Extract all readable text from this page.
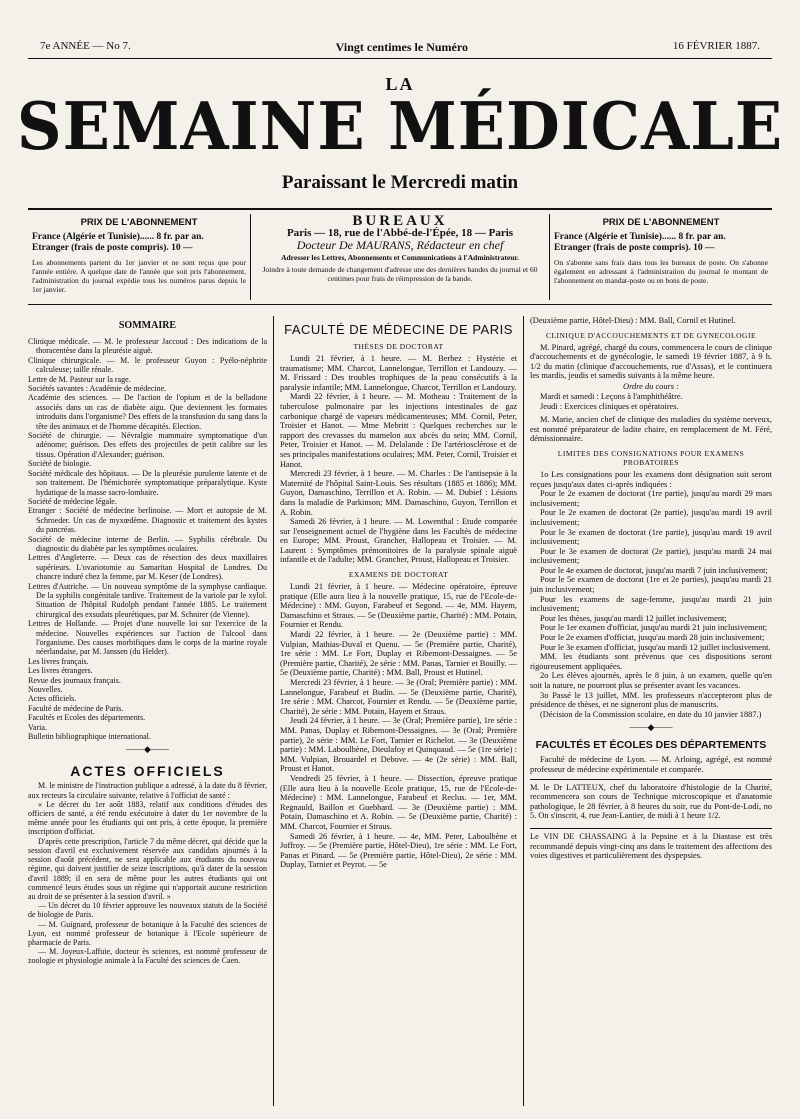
7e ANNÉE — No 7.	Vingt centimes le Numéro	16 FÉVRIER 1887.
LA
SEMAINE MÉDICALE
Paraissant le Mercredi matin
PRIX DE L'ABONNEMENT
France (Algérie et Tunisie)...... 8 fr. par an.
Etranger (frais de poste compris). 10 —
Les abonnements partent du 1er janvier et ne sont reçus que pour l'année entière. A quelque date de l'année que soit pris l'abonnement, l'administration du journal expédie tous les numéros parus depuis le 1er janvier.
BUREAUX
Paris — 18, rue de l'Abbé-de-l'Épée, 18 — Paris
Docteur De MAURANS, Rédacteur en chef
Adresser les Lettres, Abonnements et Communications à l'Administrateur.
Joindre à toute demande de changement d'adresse une des dernières bandes du journal et 60 centimes pour frais de réimpression de la bande.
PRIX DE L'ABONNEMENT
France (Algérie et Tunisie)...... 8 fr. par an.
Etranger (frais de poste compris). 10 —
On s'abonne sans frais dans tous les bureaux de poste. On s'abonne également en adressant à l'administration du journal le montant de l'abonnement en mandat-poste ou en bons de poste.
SOMMAIRE

Clinique médicale. — M. le professeur Jaccoud : Des indications de la thoracentèse dans la pleurésie aiguë.

Clinique chirurgicale. — M. le professeur Guyon : Pyélo-néphrite calculeuse; taille rénale.

Lettre de M. Pasteur sur la rage.

Sociétés savantes : Académie de médecine.

Académie des sciences. — De l'action de l'opium et de la belladone associés dans un cas de diabète aigu. Que deviennent les formates introduits dans l'organisme? Des effets de la transfusion du sang dans la tête des animaux et de l'homme décapités. Election.

Société de chirurgie. — Névralgie mammaire symptomatique d'un adénome; guérison. Des effets des projectiles de petit calibre sur les tissus. Opération d'Alexander; guérison.

Société de biologie.

Société médicale des hôpitaux. — De la pleurésie purulente latente et de son traitement. De l'hémichorée symptomatique préparalytique. Kyste hydatique de la masse sacro-lombaire.

Société de médecine légale.

Etranger : Société de médecine berlinoise. — Mort et autopsie de M. Schroeder. Un cas de myxœdème. Diagnostic et traitement des kystes du pancréas.

Société de médecine interne de Berlin. — Syphilis cérébrale. Du diagnostic du diabète par les symptômes oculaires.

Lettres d'Angleterre. — Deux cas de résection des deux maxillaires supérieurs. L'ovariotomie au Samaritan Hospital de Londres. Du chancre induré chez la femme, par M. Keser (de Londres).

Lettres d'Autriche. — Un nouveau symptôme de la symphyse cardiaque. De la syphilis congénitale tardive. Traitement de la variole par le xylol. Situation de l'hôpital Rudolph pendant l'année 1885. Le traitement chirurgical des exsudats pleurétiques, par M. Schnirer (de Vienne).

Lettres de Hollande. — Projet d'une nouvelle loi sur l'exercice de la médecine. Nouvelles expériences sur l'action de l'alcool dans l'organisme. Des causes morbifiques dans le corps de la marine royale néerlandaise, par M. Janssen (du Helder).

Les livres français.

Les livres étrangers.

Revue des journaux français.

Nouvelles.

Actes officiels.

Faculté de médecine de Paris.

Facultés et Ecoles des départements.

Varia.

Bulletin bibliographique international.

——◆——
ACTES OFFICIELS

M. le ministre de l'instruction publique a adressé, à la date du 8 février, aux recteurs la circulaire suivante, relative à l'officiat de santé :

« Le décret du 1er août 1883, relatif aux conditions d'études des officiers de santé, a été rendu exécutoire à dater du 1er novembre de la même année pour les étudiants qui ont pris, à cette époque, la première inscription d'officiat.

D'après cette prescription, l'article 7 du même décret, qui décide que la session d'avril est exclusivement réservée aux candidats ajournés à la session d'août précédent, ne sera applicable aux étudiants du nouveau régime, qui doivent justifier de seize inscriptions, qu'à dater de la session d'avril 1889; il en sera de même pour les autres étudiants qui ont commencé leurs études sous un régime qui n'apportait aucune restriction au droit de se présenter à la session d'avril. »

— Un décret du 10 février approuve les nouveaux statuts de la Société de biologie de Paris.

— M. Guignard, professeur de botanique à la Faculté des sciences de Lyon, est nommé professeur de botanique à l'Ecole supérieure de pharmacie de Paris.

— M. Joyeux-Laffuie, docteur ès sciences, est nommé professeur de zoologie et physiologie animale à la Faculté des sciences de Caen.

FACULTÉ DE MÉDECINE DE PARIS
THÈSES DE DOCTORAT

Lundi 21 février, à 1 heure. — M. Berbez : Hystérie et traumatisme; MM. Charcot, Lannelongue, Terrillon et Landouzy. — M. Frissard : Des troubles trophiques de la peau consécutifs à la paralysie infantile; MM. Lannelongue, Charcot, Terrillon et Landouzy.

Mardi 22 février, à 1 heure. — M. Motheau : Traitement de la tuberculose pulmonaire par les injections intestinales de gaz carbonique chargé de vapeurs médicamenteuses; MM. Cornil, Peter, Troisier et Hanot. — Mme Mebritt : Quelques recherches sur le rapport des crevasses du mamelon aux abcès du sein; MM. Cornil, Peter, Troisier et Hanot. — M. Delalande : De l'artériosclérose et de ses principales manifestations oculaires; MM. Peter, Cornil, Troisier et Hanot.

Mercredi 23 février, à 1 heure. — M. Charles : De l'antisepsie à la Maternité de l'hôpital Saint-Louis. Ses résultats (1885 et 1886); MM. Guyon, Damaschino, Terrillon et A. Robin. — M. Dubief : Lésions dans la maladie de Parkinson; MM. Damaschino, Guyon, Terrillon et A. Robin.

Samedi 26 février, à 1 heure. — M. Lowenthal : Etude comparée sur l'enseignement actuel de l'hygiène dans les Facultés de médecine en Europe; MM. Proust, Grancher, Hallopeau et Troisier. — M. Laurent : Symptômes prémonitoires de la paralysie spinale aiguë infantile et de l'adulte; MM. Grancher, Proust, Hallopeau et Troisier.

EXAMENS DE DOCTORAT

Lundi 21 février, à 1 heure. — Médecine opératoire, épreuve pratique (Elle aura lieu à la nouvelle pratique, 15, rue de l'Ecole-de-Médecine) : MM. Guyon, Farabeuf et Segond. — 4e, MM. Hayem, Damaschino et Straus. — 5e (Deuxième partie, Charité) : MM. Potain, Fournier et Rendu.

Mardi 22 février, à 1 heure. — 2e (Deuxième partie) : MM. Vulpian, Mathias-Duval et Quenu. — 5e (Première partie, Charité), 1re série : MM. Le Fort, Duplay et Ribemont-Dessaignes. — 5e (Première partie, Charité), 2e série : MM. Panas, Tarnier et Bouilly. — 5e (Deuxième partie, Charité) : MM. Ball, Proust et Hutinel.

Mercredi 23 février, à 1 heure. — 3e (Oral; Première partie) : MM. Lannelongue, Farabeuf et Budin. — 5e (Deuxième partie, Charité), 1re série : MM. Charcot, Fournier et Rendu. — 5e (Deuxième partie, Charité), 2e série : MM. Potain, Hayem et Straus.

Jeudi 24 février, à 1 heure. — 3e (Oral; Première partie), 1re série : MM. Panas, Duplay et Ribemont-Dessaignes. — 3e (Oral; Première partie), 2e série : MM. Le Fort, Tarnier et Richelot. — 3e (Deuxième partie) : MM. Laboulbène, Dieulafoy et Quinquaud. — 5e (1re série) : MM. Vulpian, Brouardel et Debove. — 4e (2e série) : MM. Ball, Proust et Hanot.

Vendredi 25 février, à 1 heure. — Dissection, épreuve pratique (Elle aura lieu à la nouvelle Ecole pratique, 15, rue de l'Ecole-de-Médecine) : MM. Lannelongue, Farabeuf et Reclus. — 1er, MM. Regnauld, Baillon et Guebhard. — 3e (Deuxième partie) : MM. Potain, Damaschino et A. Robin. — 5e (Deuxième partie, Charité) : MM. Charcot, Fournier et Straus.

Samedi 26 février, à 1 heure. — 4e, MM. Peter, Laboulbène et Joffroy. — 5e (Première partie, Hôtel-Dieu), 1re série : MM. Le Fort, Panas et Pinard. — 5e (Première partie, Hôtel-Dieu), 2e série : MM. Duplay, Tarnier et Peyrot. — 5e

(Deuxième partie, Hôtel-Dieu) : MM. Ball, Cornil et Hutinel.

CLINIQUE D'ACCOUCHEMENTS ET DE GYNECOLOGIE

M. Pinard, agrégé, chargé du cours, commencera le cours de clinique d'accouchements et de gynécologie, le samedi 19 février 1887, à 9 h. 1/2 du matin (clinique d'accouchements, rue d'Assas), et le continuera les mardis, jeudis et samedis suivants à la même heure.

Ordre du cours :

Mardi et samedi : Leçons à l'amphithéâtre.

Jeudi : Exercices cliniques et opératoires.

M. Marie, ancien chef de clinique des maladies du système nerveux, est nommé préparateur de ladite chaire, en remplacement de M. Féré, démissionnaire.

LIMITES DES CONSIGNATIONS POUR EXAMENS PROBATOIRES

1o Les consignations pour les examens dont désignation suit seront reçues jusqu'aux dates ci-après indiquées :

Pour le 2e examen de doctorat (1re partie), jusqu'au mardi 29 mars inclusivement;

Pour le 2e examen de doctorat (2e partie), jusqu'au mardi 19 avril inclusivement;

Pour le 3e examen de doctorat (1re partie), jusqu'au mardi 19 avril inclusivement;

Pour le 3e examen de doctorat (2e partie), jusqu'au mardi 24 mai inclusivement;

Pour le 4e examen de doctorat, jusqu'au mardi 7 juin inclusivement;

Pour le 5e examen de doctorat (1re et 2e parties), jusqu'au mardi 21 juin inclusivement;

Pour les examens de sage-femme, jusqu'au mardi 21 juin inclusivement;

Pour les thèses, jusqu'au mardi 12 juillet inclusivement;

Pour le 1er examen d'officiat, jusqu'au mardi 21 juin inclusivement;

Pour le 2e examen d'officiat, jusqu'au mardi 28 juin inclusivement;

Pour le 3e examen d'officiat, jusqu'au mardi 12 juillet inclusivement.

MM. les étudiants sont prévenus que ces dispositions seront rigoureusement appliquées.

2o Les élèves ajournés, après le 8 juin, à un examen, quelle qu'en soit la nature, ne pourront plus se présenter avant les vacances.

3o Passé le 13 juillet, MM. les professeurs n'accepteront plus de présidence de thèses, et ne signeront plus de manuscrits.

(Décision de la Commission scolaire, en date du 10 janvier 1887.)

——◆——
FACULTÉS ET ÉCOLES DES DÉPARTEMENTS

Faculté de médecine de Lyon. — M. Arloing, agrégé, est nommé professeur de médecine expérimentale et comparée.

M. le Dr LATTEUX, chef du laboratoire d'histologie de la Charité, recommencera son cours de Technique microscopique et d'anatomie pathologique, le 28 février, à 8 heures du soir, rue du Pont-de-Lodi, no 5. On s'inscrit, 4, rue Jean-Lantier, de midi à 1 heure 1/2.
Le VIN DE CHASSAING à la Pepsine et à la Diastase est très recommandé depuis vingt-cinq ans dans le traitement des affections des voies digestives et particulièrement des dyspepsies.
